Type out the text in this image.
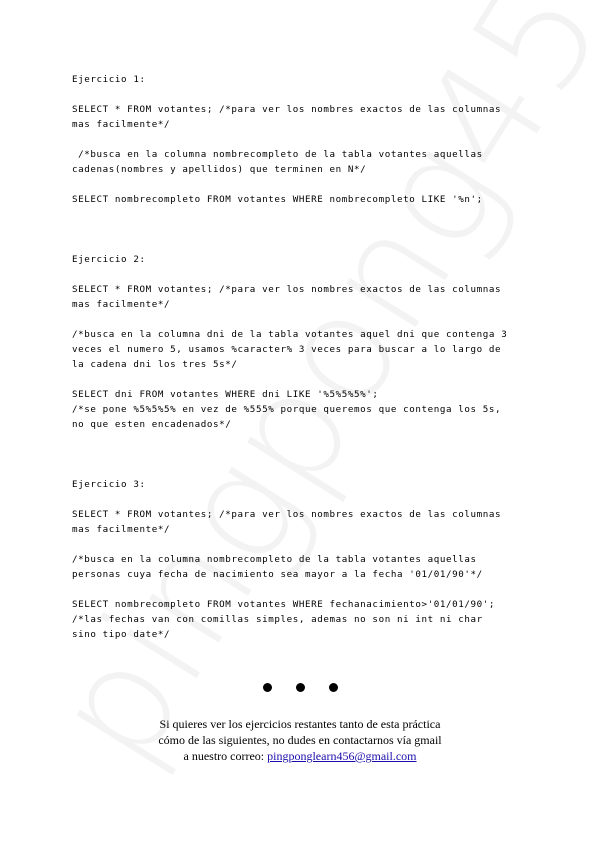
Ejercicio 1:

SELECT * FROM votantes; /*para ver los nombres exactos de las columnas

mas facilmente*/

/*busca en la columna nombrecompleto de la tabla votantes aquellas

cadenas(nombres y apellidos) que terminen en N*/

SELECT nombrecompleto FROM votantes WHERE nombrecompleto LIKE '%n';

Ejercicio 2:

SELECT * FROM votantes; /*para ver los nombres exactos de las columnas

mas facilmente*/

/*busca en la columna dni de la tabla votantes aquel dni que contenga 3

veces el numero 5, usamos %caracter% 3 veces para buscar a lo largo de

la cadena dni los tres 5s*/

SELECT dni FROM votantes WHERE dni LIKE '%5%5%5%';

/*se pone %5%5%5% en vez de %555% porque queremos que contenga los 5s,

no que esten encadenados*/

Ejercicio 3:

SELECT * FROM votantes; /*para ver los nombres exactos de las columnas

mas facilmente*/

/*busca en la columna nombrecompleto de la tabla votantes aquellas

personas cuya fecha de nacimiento sea mayor a la fecha '01/01/90'*/

SELECT nombrecompleto FROM votantes WHERE fechanacimiento>'01/01/90';

/*las fechas van con comillas simples, ademas no son ni int ni char

sino tipo date*/

Si quieres ver los ejercicios restantes tanto de esta práctica
cómo de las siguientes, no dudes en contactarnos vía gmail
a nuestro correo: pingponglearn456@gmail.com
